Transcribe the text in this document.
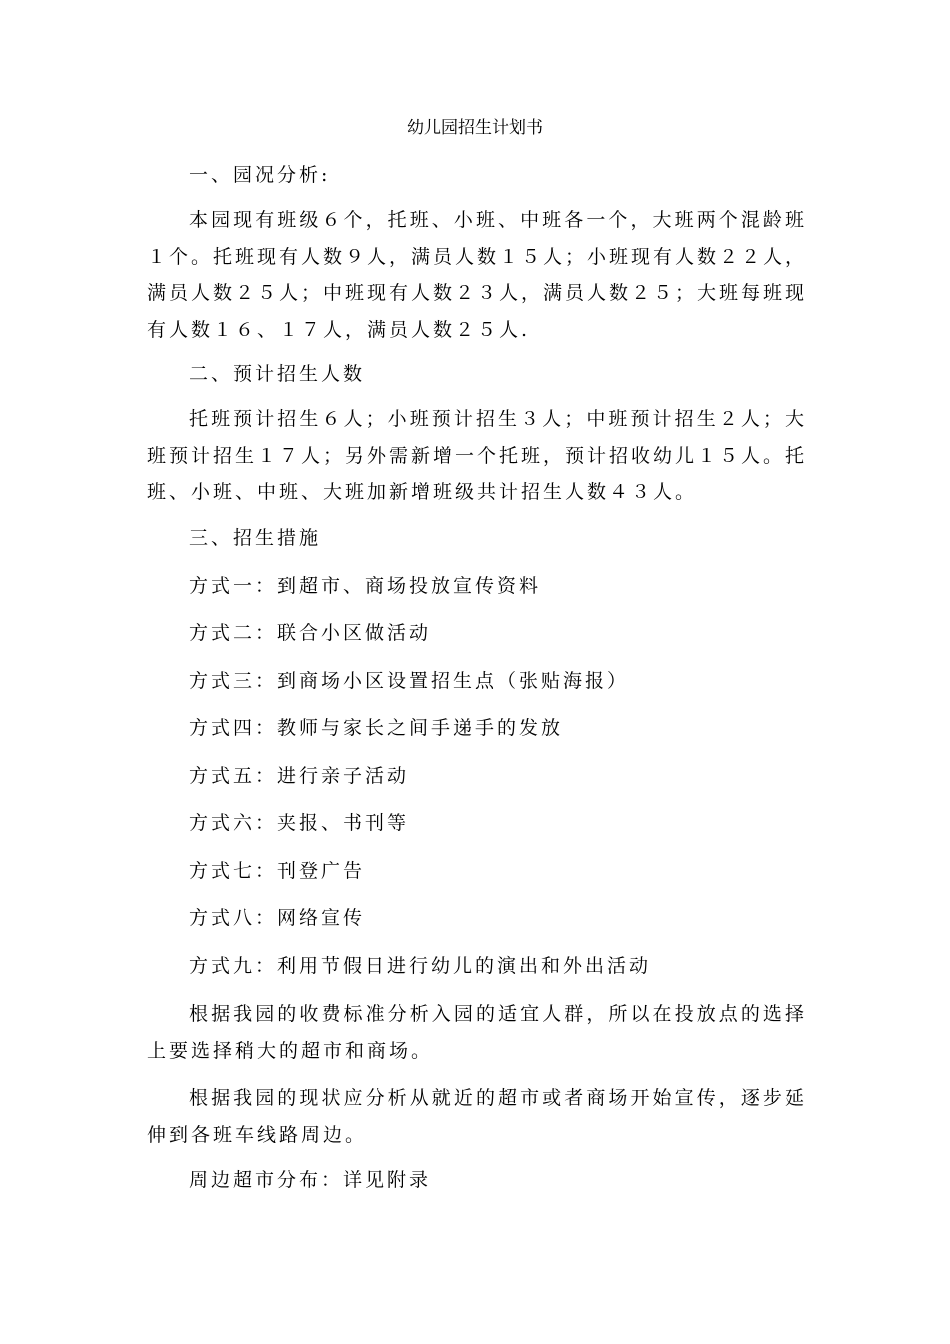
幼儿园招生计划书
一、园况分析:
本园现有班级６个，托班、小班、中班各一个，大班两个混龄班１个。托班现有人数９人，满员人数１５人；小班现有人数２２人，满员人数２５人；中班现有人数２３人，满员人数２５；大班每班现有人数１６、１７人，满员人数２５人.
二、预计招生人数
托班预计招生６人；小班预计招生３人；中班预计招生２人；大班预计招生１７人；另外需新增一个托班，预计招收幼儿１５人。托班、小班、中班、大班加新增班级共计招生人数４３人。
三、招生措施
方式一：到超市、商场投放宣传资料
方式二：联合小区做活动
方式三：到商场小区设置招生点（张贴海报）
方式四：教师与家长之间手递手的发放
方式五：进行亲子活动
方式六：夹报、书刊等
方式七：刊登广告
方式八：网络宣传
方式九：利用节假日进行幼儿的演出和外出活动
根据我园的收费标准分析入园的适宜人群，所以在投放点的选择上要选择稍大的超市和商场。
根据我园的现状应分析从就近的超市或者商场开始宣传，逐步延伸到各班车线路周边。
周边超市分布：详见附录
